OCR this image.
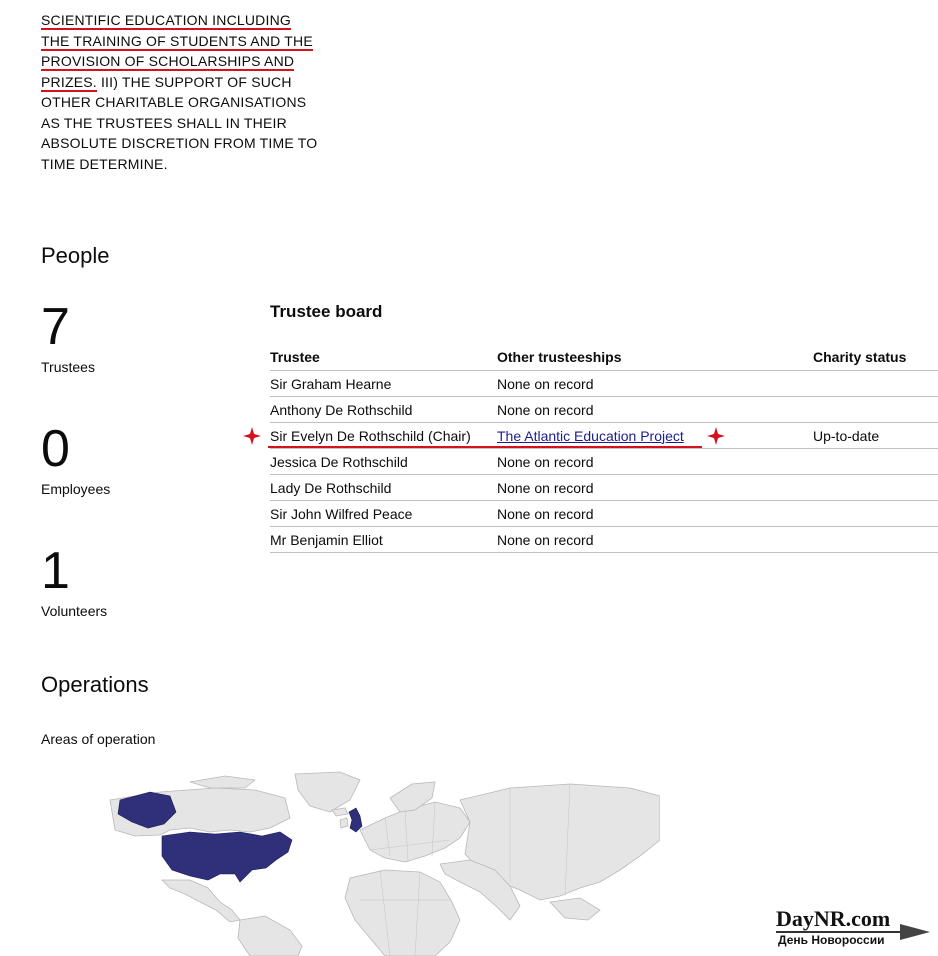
SCIENTIFIC EDUCATION INCLUDING
THE TRAINING OF STUDENTS AND THE
PROVISION OF SCHOLARSHIPS AND
PRIZES. III) THE SUPPORT OF SUCH
OTHER CHARITABLE ORGANISATIONS
AS THE TRUSTEES SHALL IN THEIR
ABSOLUTE DISCRETION FROM TIME TO
TIME DETERMINE.
People
7
Trustees
0
Employees
1
Volunteers
Trustee board
Trustee	Other trusteeships	Charity status
Sir Graham Hearne	None on record	
Anthony De Rothschild	None on record	
Sir Evelyn De Rothschild (Chair)	The Atlantic Education Project	Up-to-date
Jessica De Rothschild	None on record	
Lady De Rothschild	None on record	
Sir John Wilfred Peace	None on record	
Mr Benjamin Elliot	None on record	
Operations
Areas of operation
DayNR.com
День Новороссии
